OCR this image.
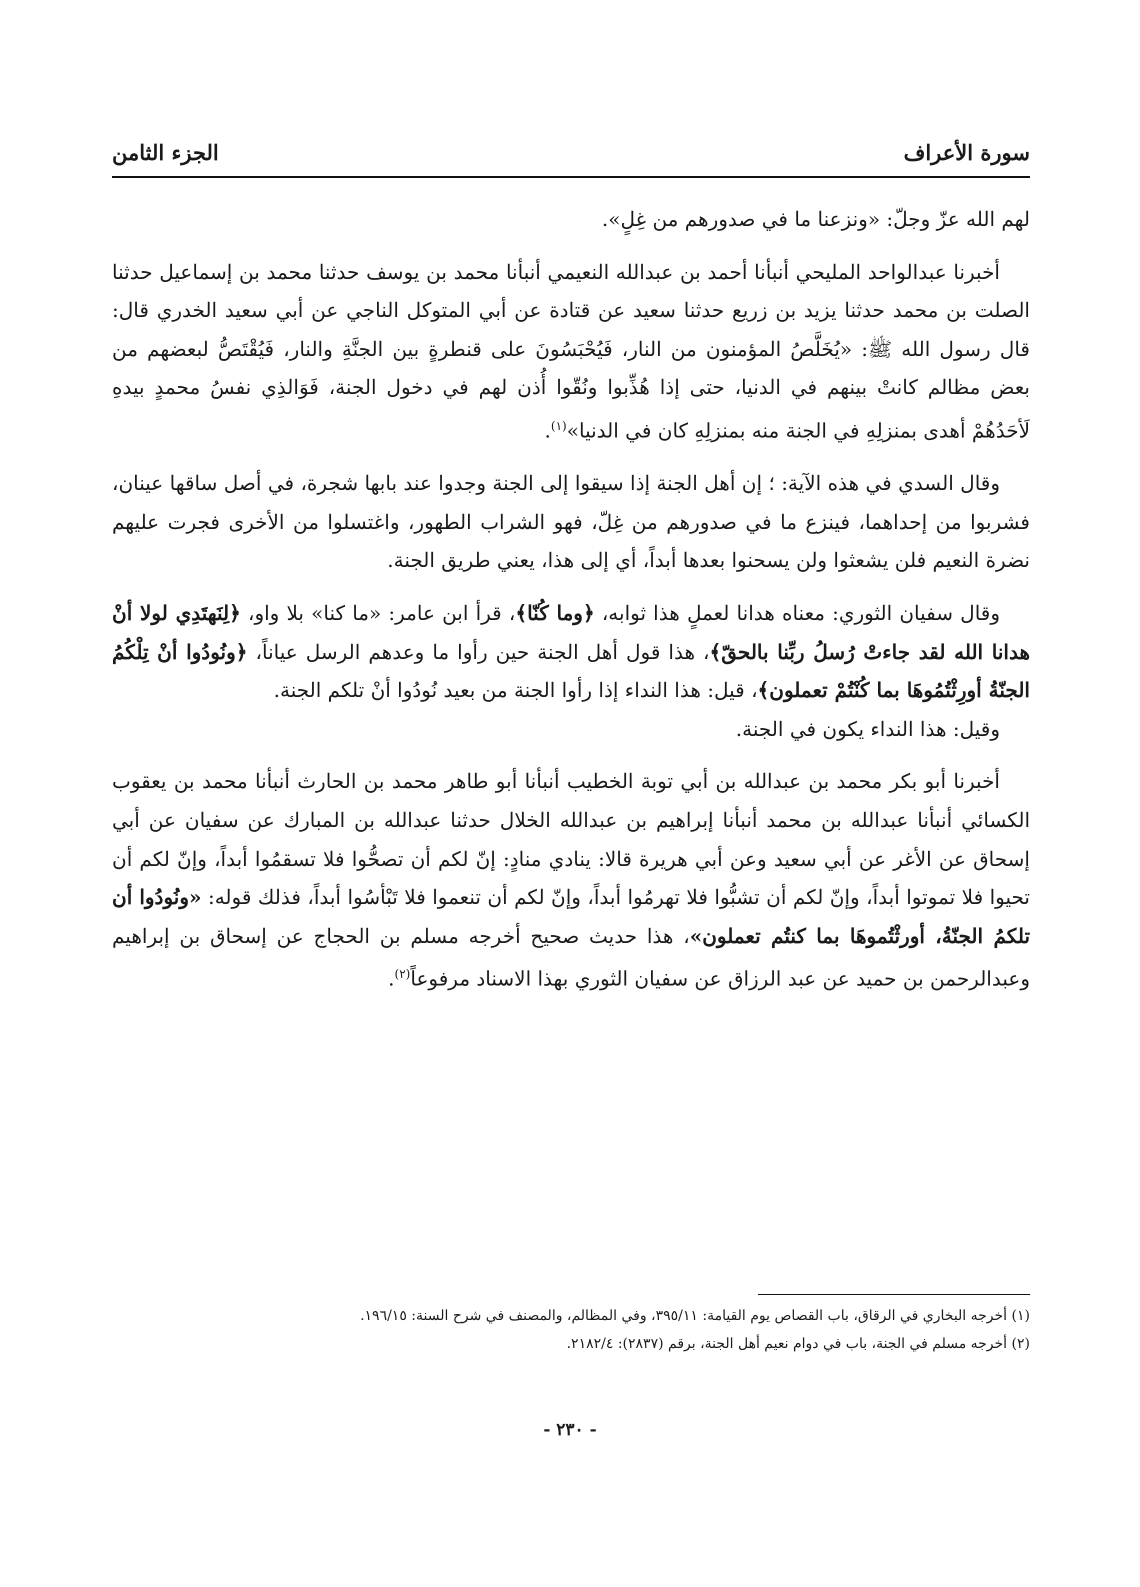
سورة الأعراف
الجزء الثامن

لهم الله عزّ وجلّ: «ونزعنا ما في صدورهم من غِلٍ».

أخبرنا عبدالواحد المليحي أنبأنا أحمد بن عبدالله النعيمي أنبأنا محمد بن يوسف حدثنا محمد بن إسماعيل حدثنا الصلت بن محمد حدثنا يزيد بن زريع حدثنا سعيد عن قتادة عن أبي المتوكل الناجي عن أبي سعيد الخدري قال: قال رسول الله ﷺ: «يُخَلَّصُ المؤمنون من النار، فَيُحْبَسُونَ على قنطرةٍ بين الجنَّةِ والنار، فَيُقْتَصُّ لبعضهم من بعض مظالم كانتْ بينهم في الدنيا، حتى إذا هُذِّبوا ونُقّوا أُذن لهم في دخول الجنة، فَوَالذِي نفسُ محمدٍ بيدهِ لَأحَدُهُمْ أهدى بمنزلِهِ في الجنة منه بمنزلِهِ كان في الدنيا»$^{(١)}$.

وقال السدي في هذه الآية: ؛ إن أهل الجنة إذا سيقوا إلى الجنة وجدوا عند بابها شجرة، في أصل ساقها عينان، فشربوا من إحداهما، فينزع ما في صدورهم من غِلّ، فهو الشراب الطهور، واغتسلوا من الأخرى فجرت عليهم نضرة النعيم فلن يشعثوا ولن يسحنوا بعدها أبداً، أي إلى هذا، يعني طريق الجنة.

وقال سفيان الثوري: معناه هدانا لعملٍ هذا ثوابه، ﴿وما كُنّا﴾، قرأ ابن عامر: «ما كنا» بلا واو، ﴿لِنَهتَدِي لولا أنْ هدانا الله لقد جاءتْ رُسلُ ربِّنا بالحقّ﴾، هذا قول أهل الجنة حين رأوا ما وعدهم الرسل عياناً، ﴿ونُودُوا أنْ تِلْكُمُ الجنّةُ أورِثْتُمُوهَا بما كُنْتُمْ تعملون﴾، قيل: هذا النداء إذا رأوا الجنة من بعيد نُودُوا أنْ تلكم الجنة.

وقيل: هذا النداء يكون في الجنة.

أخبرنا أبو بكر محمد بن عبدالله بن أبي توبة الخطيب أنبأنا أبو طاهر محمد بن الحارث أنبأنا محمد بن يعقوب الكسائي أنبأنا عبدالله بن محمد أنبأنا إبراهيم بن عبدالله الخلال حدثنا عبدالله بن المبارك عن سفيان عن أبي إسحاق عن الأغر عن أبي سعيد وعن أبي هريرة قالا: ينادي منادٍ: إنّ لكم أن تصحُّوا فلا تسقمُوا أبداً، وإنّ لكم أن تحيوا فلا تموتوا أبداً، وإنّ لكم أن تشبُّوا فلا تهرمُوا أبداً، وإنّ لكم أن تنعموا فلا تَبْأسُوا أبداً، فذلك قوله: «ونُودُوا أن تلكمُ الجنّةُ، أورثْتُموهَا بما كنتُم تعملون»، هذا حديث صحيح أخرجه مسلم بن الحجاج عن إسحاق بن إبراهيم وعبدالرحمن بن حميد عن عبد الرزاق عن سفيان الثوري بهذا الاسناد مرفوعاً$^{(٢)}$.

(١) أخرجه البخاري في الرقاق، باب القصاص يوم القيامة: ٣٩٥/١١، وفي المظالم، والمصنف في شرح السنة: ١٩٦/١٥.

(٢) أخرجه مسلم في الجنة، باب في دوام نعيم أهل الجنة، برقم (٢٨٣٧): ٢١٨٢/٤.

- ٢٣٠ -
